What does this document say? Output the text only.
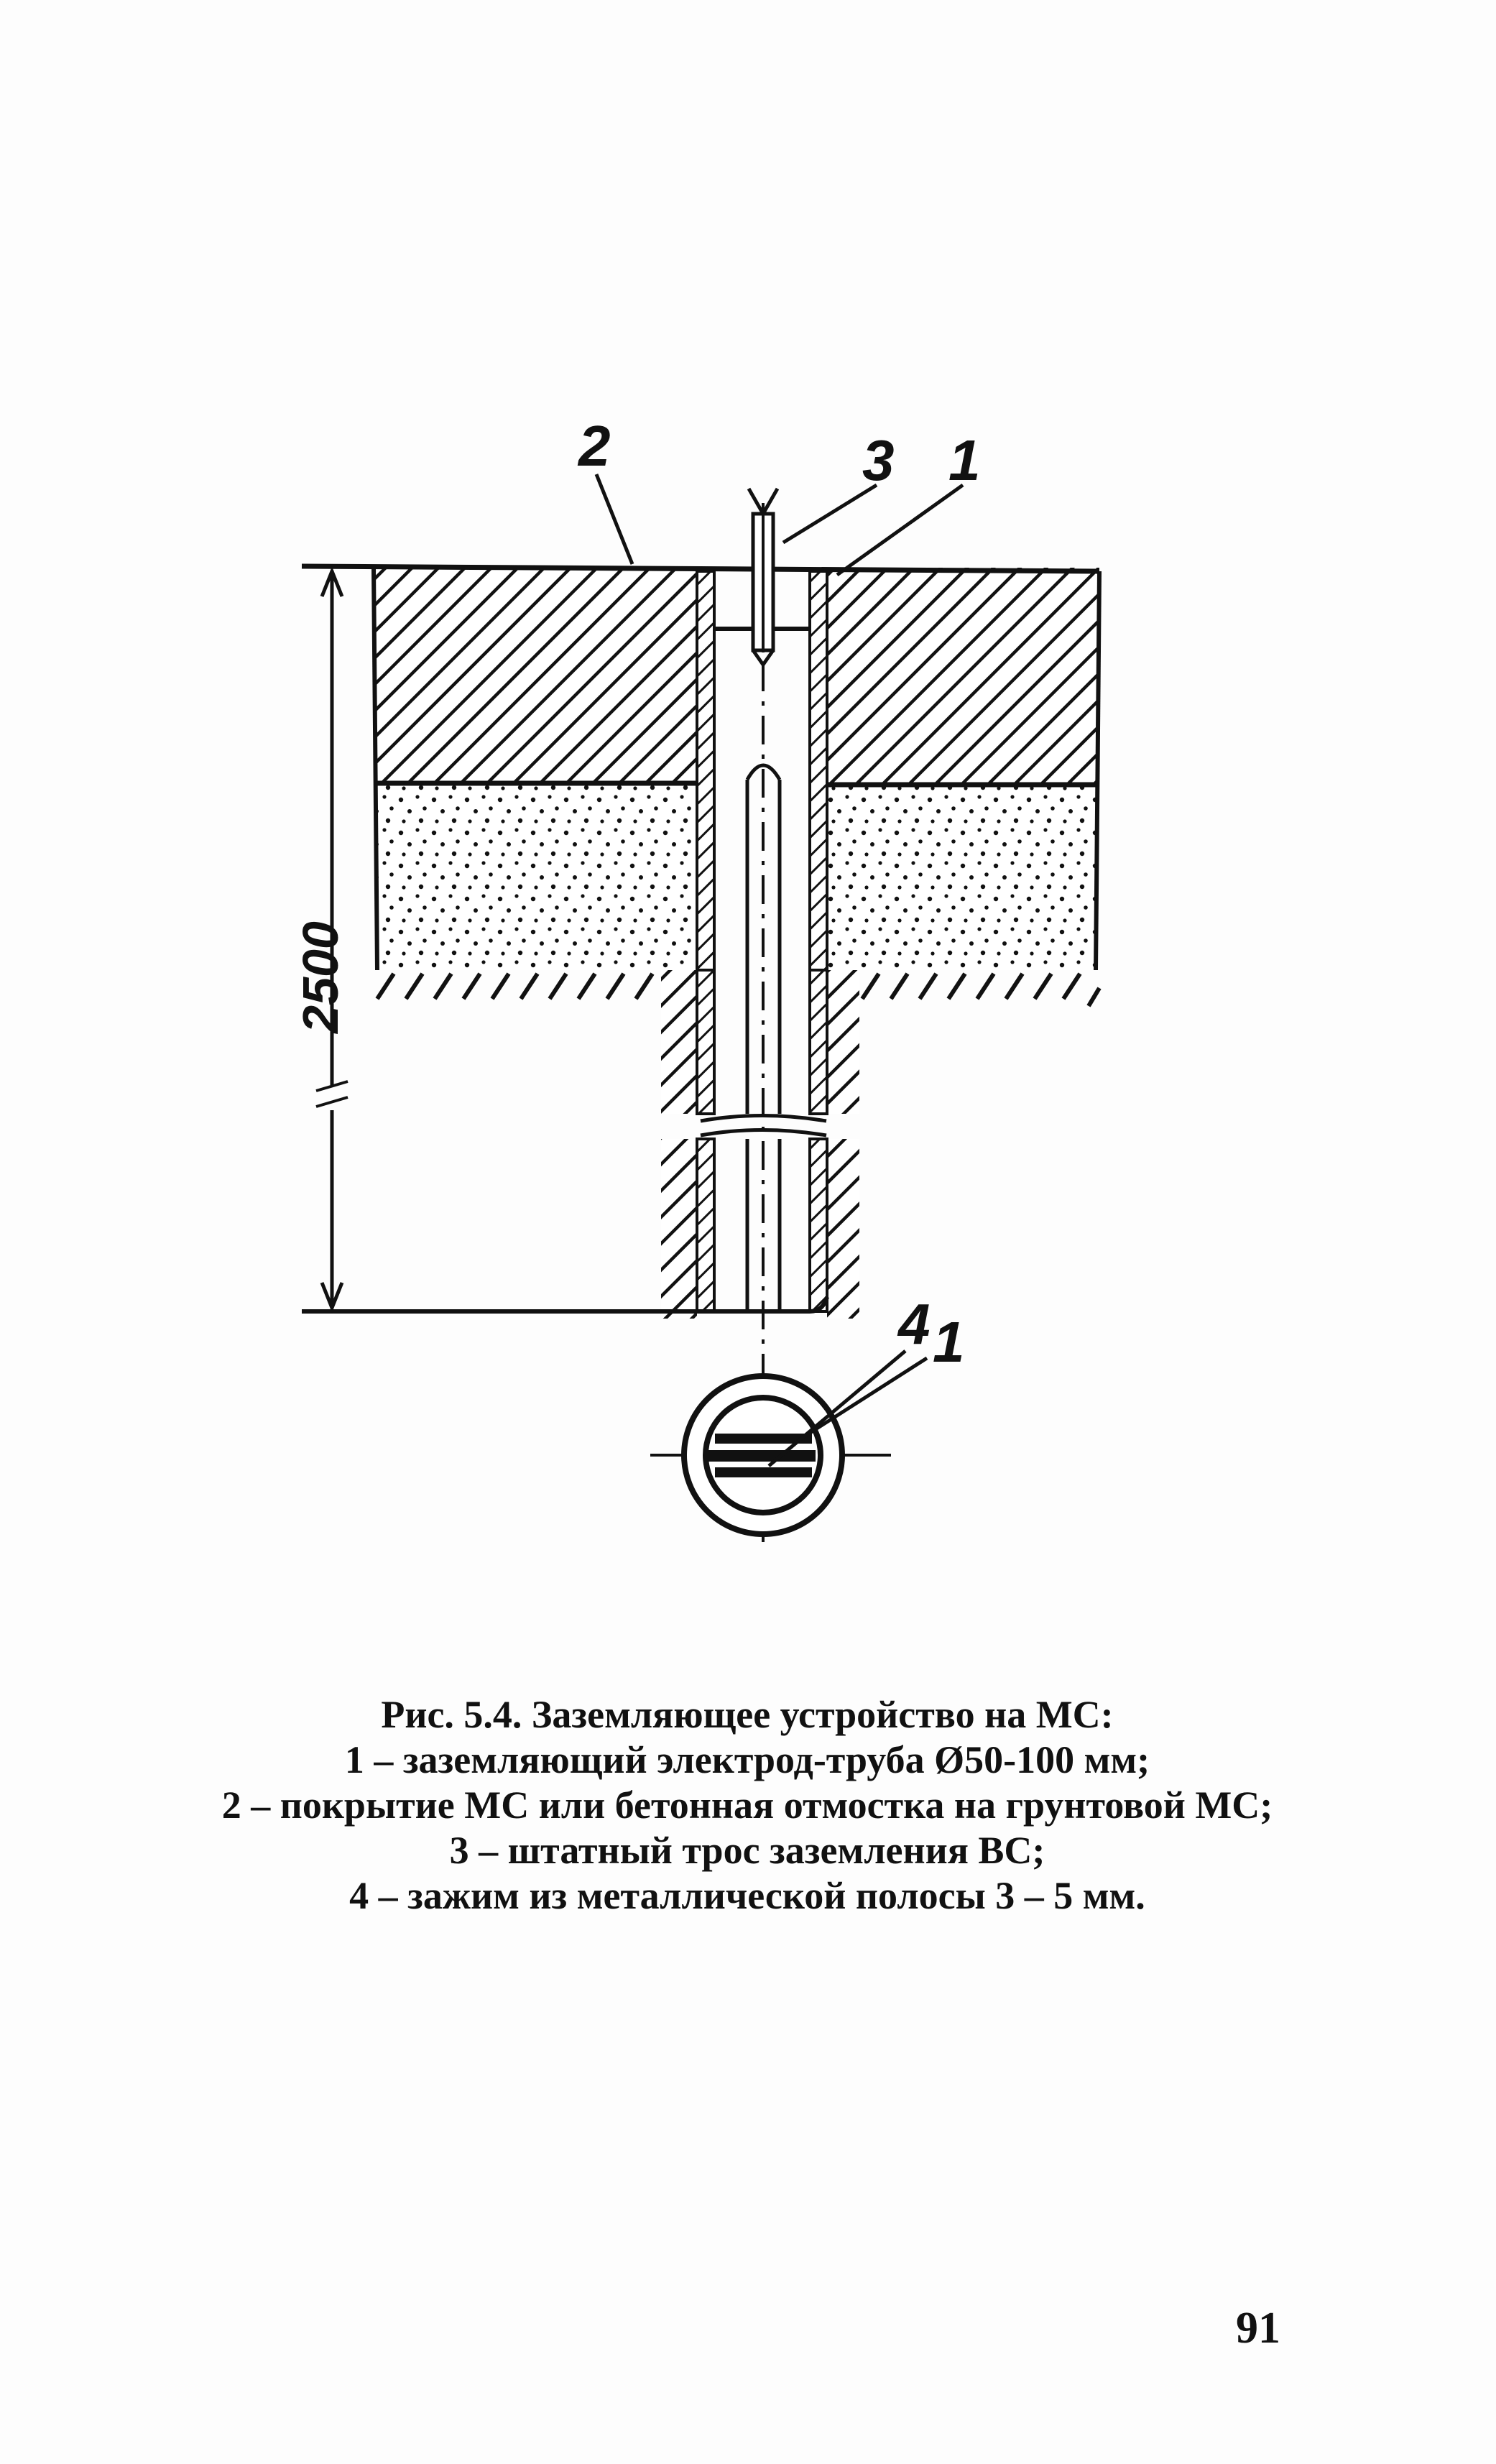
2500
2	3 1
4 1
Рис. 5.4. Заземляющее устройство на МС:
1 – заземляющий электрод-труба Ø50-100 мм;
2 – покрытие МС или бетонная отмостка на грунтовой МС;
3 – штатный трос заземления ВС;
4 – зажим из металлической полосы 3 – 5 мм.
91
